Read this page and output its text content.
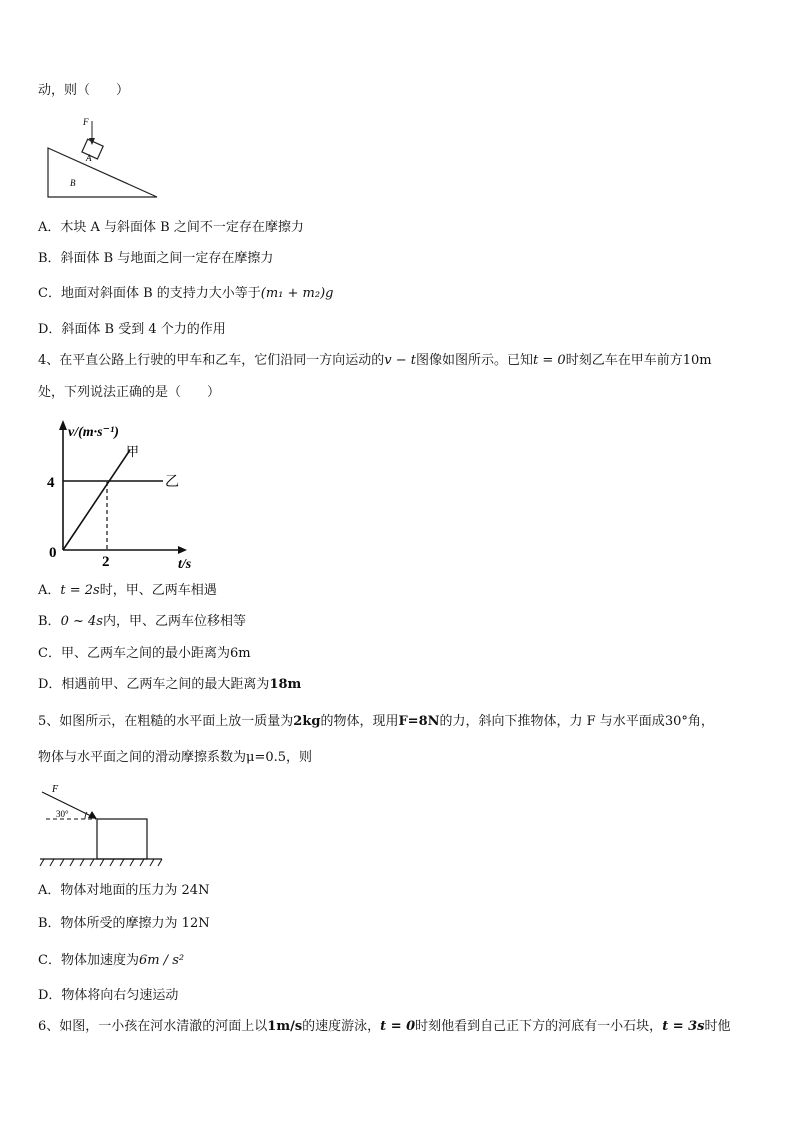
动，则（　　）
F
A
B
A．木块 A 与斜面体 B 之间不一定存在摩擦力
B．斜面体 B 与地面之间一定存在摩擦力
C．地面对斜面体 B 的支持力大小等于(m₁ + m₂)g
D．斜面体 B 受到 4 个力的作用
4、在平直公路上行驶的甲车和乙车，它们沿同一方向运动的v − t图像如图所示。已知t = 0时刻乙车在甲车前方10m
处，下列说法正确的是（　　）
v/(m·s⁻¹)
甲
乙
4
0
2	t/s
A．t = 2s时，甲、乙两车相遇
B．0 ~ 4s内，甲、乙两车位移相等
C．甲、乙两车之间的最小距离为6m
D．相遇前甲、乙两车之间的最大距离为18m
5、如图所示，在粗糙的水平面上放一质量为2kg的物体，现用F=8N的力，斜向下推物体，力 F 与水平面成30°角，
物体与水平面之间的滑动摩擦系数为μ=0.5，则
F
30°
A．物体对地面的压力为 24N
B．物体所受的摩擦力为 12N
C．物体加速度为6m / s²
D．物体将向右匀速运动
6、如图，一小孩在河水清澈的河面上以1m/s的速度游泳，t = 0时刻他看到自己正下方的河底有一小石块，t = 3s时他
